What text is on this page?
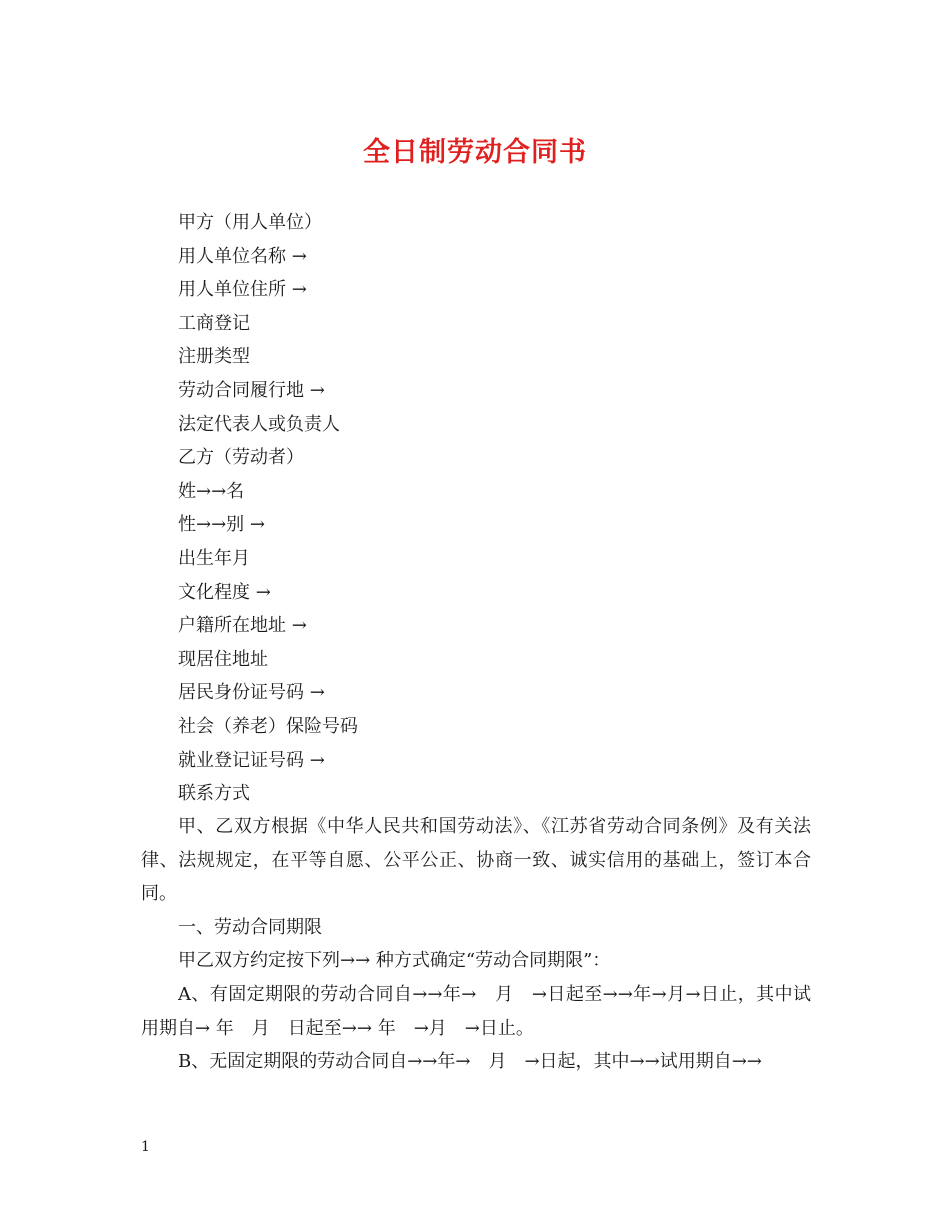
全日制劳动合同书
甲方（用人单位）
用人单位名称 →
用人单位住所 →
工商登记
注册类型
劳动合同履行地 →
法定代表人或负责人
乙方（劳动者）
姓→→名
性→→别 →
出生年月
文化程度 →
户籍所在地址 →
现居住地址
居民身份证号码 →
社会（养老）保险号码
就业登记证号码 →
联系方式

甲、乙双方根据《中华人民共和国劳动法》、《江苏省劳动合同条例》及有关法律、法规规定，在平等自愿、公平公正、协商一致、诚实信用的基础上，签订本合同。

一、劳动合同期限

甲乙双方约定按下列→→ 种方式确定“劳动合同期限”：

A、有固定期限的劳动合同自→→年→　月　→日起至→→年→月→日止，其中试用期自→ 年　月　日起至→→ 年　→月　→日止。

B、无固定期限的劳动合同自→→年→　月　→日起，其中→→试用期自→→

1
